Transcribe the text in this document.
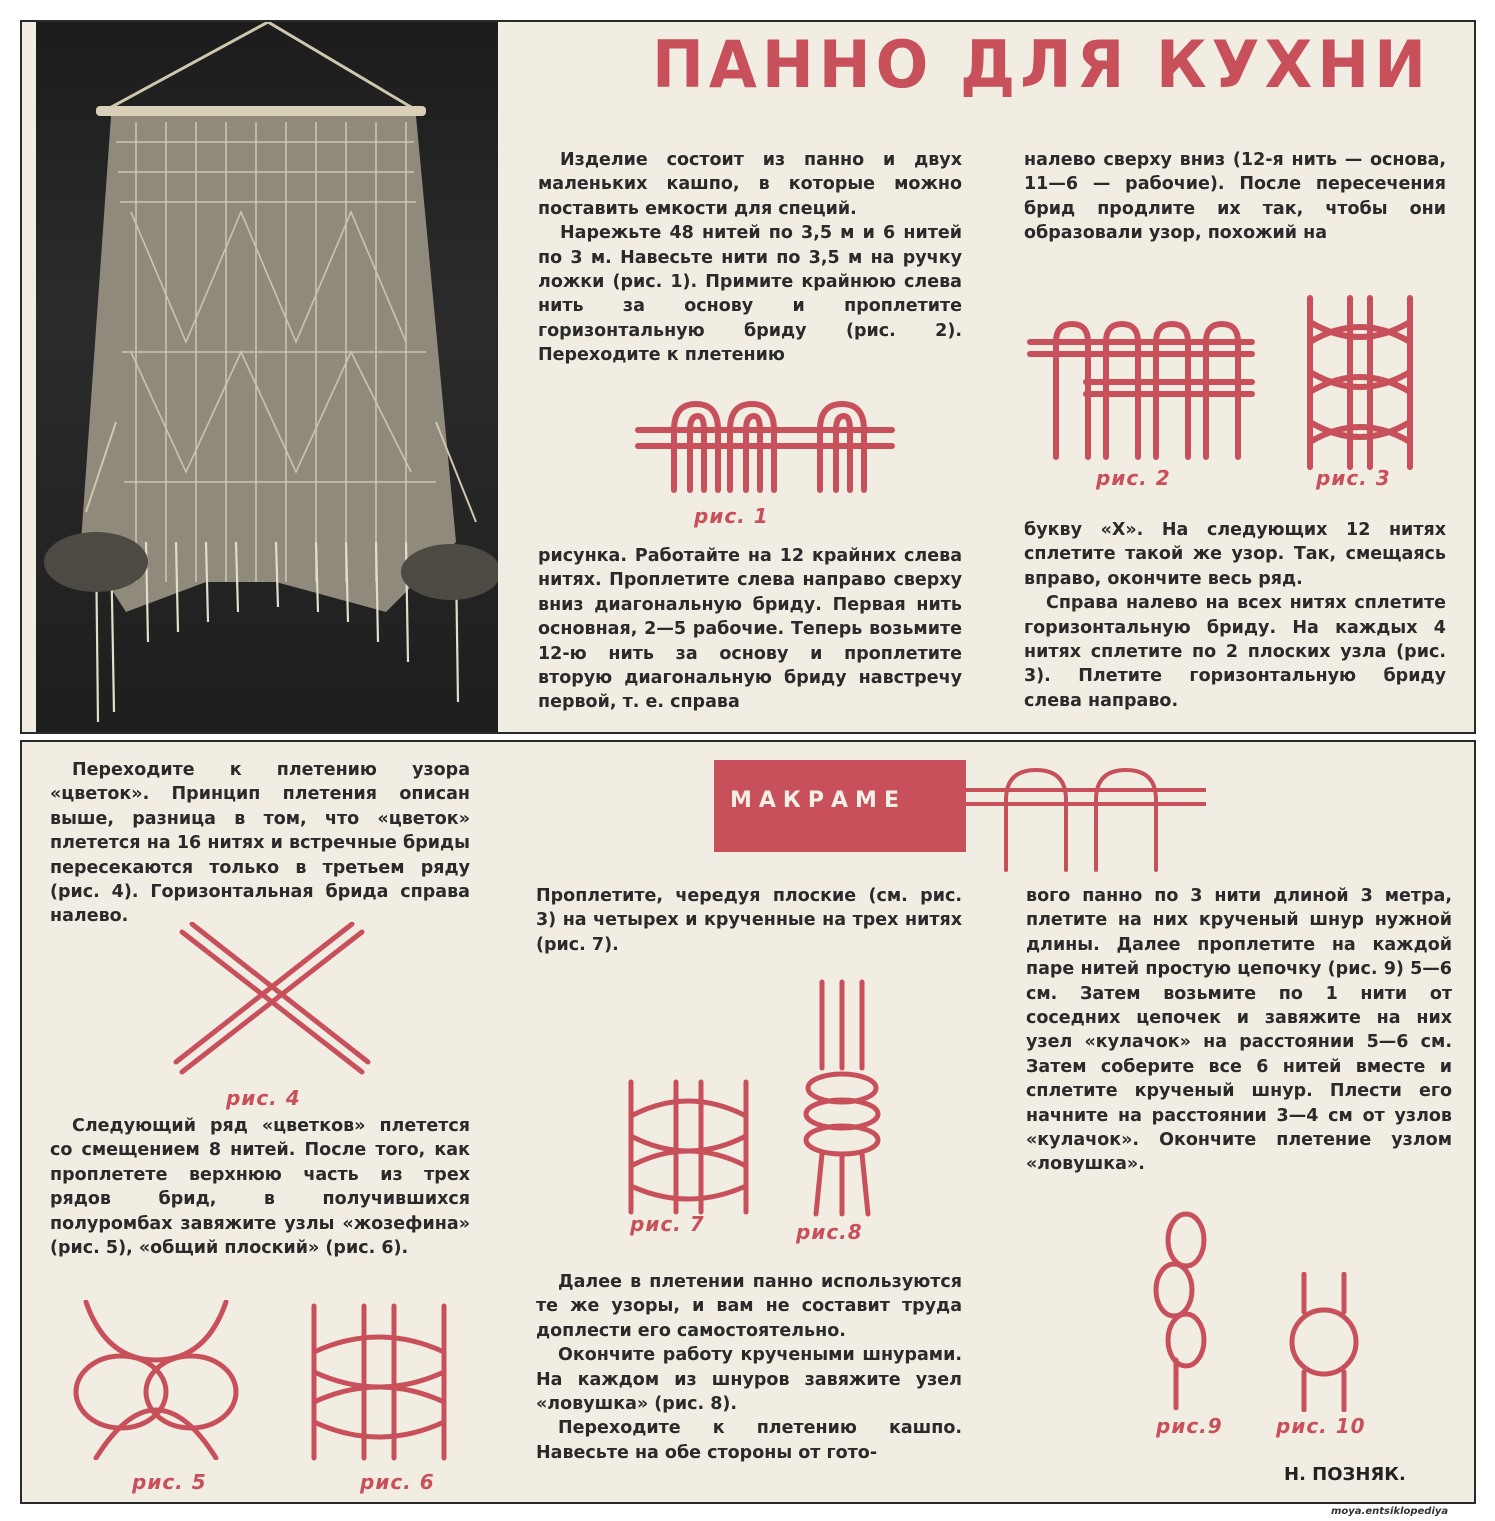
ПАННО ДЛЯ КУХНИ

Изделие состоит из панно и двух маленьких кашпо, в которые можно поставить емкости для специй.

Нарежьте 48 нитей по 3,5 м и 6 нитей по 3 м. Навесьте нити по 3,5 м на ручку ложки (рис. 1). Примите крайнюю слева нить за основу и проплетите горизонтальную бриду (рис. 2). Переходите к плетению

рис. 1

рисунка. Работайте на 12 крайних слева нитях. Проплетите слева направо сверху вниз диагональную бриду. Первая нить основная, 2—5 рабочие. Теперь возьмите 12-ю нить за основу и проплетите вторую диагональную бриду навстречу первой, т. е. справа

налево сверху вниз (12-я нить — основа, 11—6 — рабочие). После пересечения брид продлите их так, чтобы они образовали узор, похожий на

рис. 2	рис. 3

букву «Х». На следующих 12 нитях сплетите такой же узор. Так, смещаясь вправо, окончите весь ряд.

Справа налево на всех нитях сплетите горизонтальную бриду. На каждых 4 нитях сплетите по 2 плоских узла (рис. 3). Плетите горизонтальную бриду слева направо.

Переходите к плетению узора «цветок». Принцип плетения описан выше, разница в том, что «цветок» плетется на 16 нитях и встречные бриды пересекаются только в третьем ряду (рис. 4). Горизонтальная брида справа налево.

рис. 4

Следующий ряд «цветков» плетется со смещением 8 нитей. После того, как проплетете верхнюю часть из трех рядов брид, в получившихся полуромбах завяжите узлы «жозефина» (рис. 5), «общий плоский» (рис. 6).

рис. 5	рис. 6
МАКРАМЕ

Проплетите, чередуя плоские (см. рис. 3) на четырех и крученные на трех нитях (рис. 7).

рис. 7	рис.8

Далее в плетении панно используются те же узоры, и вам не составит труда доплести его самостоятельно.

Окончите работу кручеными шнурами. На каждом из шнуров завяжите узел «ловушка» (рис. 8).

Переходите к плетению кашпо. Навесьте на обе стороны от гото-

вого панно по 3 нити длиной 3 метра, плетите на них крученый шнур нужной длины. Далее проплетите на каждой паре нитей простую цепочку (рис. 9) 5—6 см. Затем возьмите по 1 нити от соседних цепочек и завяжите на них узел «кулачок» на расстоянии 5—6 см. Затем соберите все 6 нитей вместе и сплетите крученый шнур. Плести его начните на расстоянии 3—4 см от узлов «кулачок». Окончите плетение узлом «ловушка».

рис.9	рис. 10
Н. ПОЗНЯК.
moya.entsiklopediya
